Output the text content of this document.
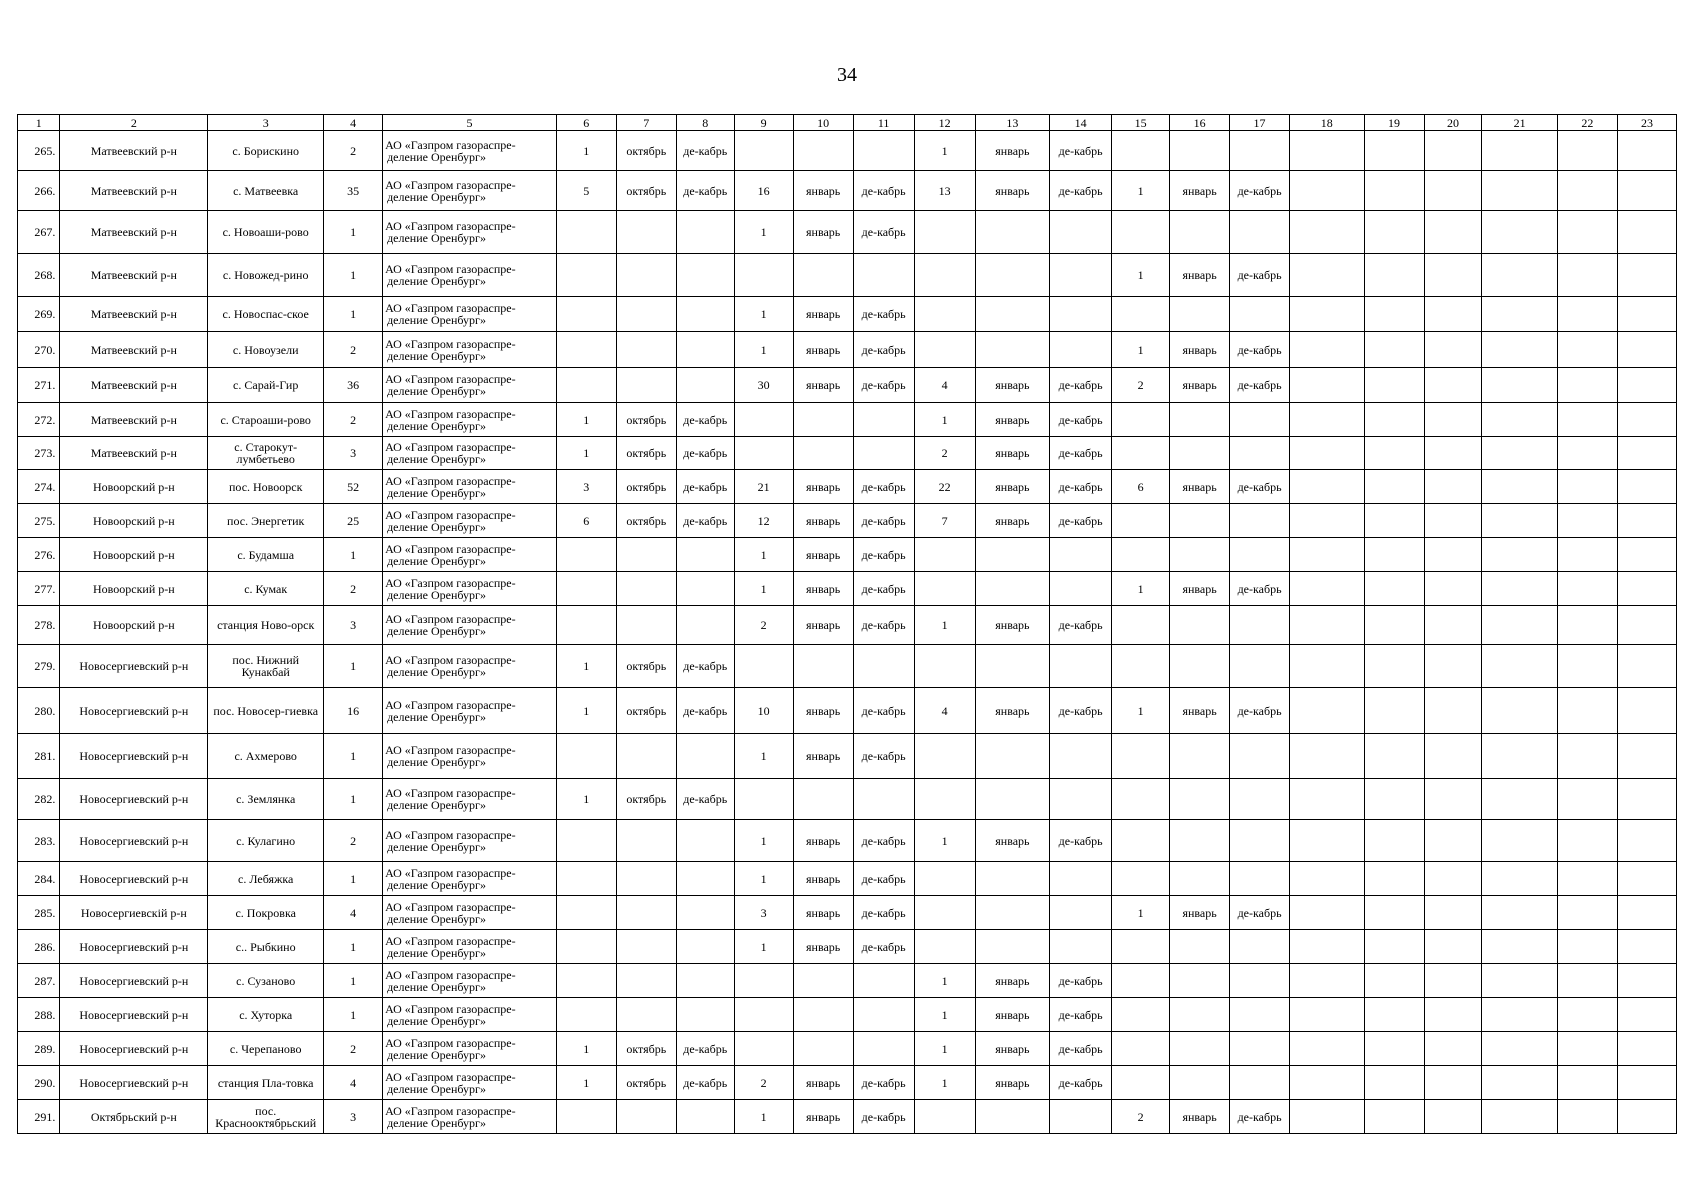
34
1	2	3	4	5	6	7	8	9	10	11	12	13	14	15	16	17	18	19	20	21	22	23
265.	Матвеевский р-н	с. Борискино	2	АО «Газпром газораспре-
деление Оренбург»	1	октябрь	де-кабрь				1	январь	де-кабрь									
266.	Матвеевский р-н	с. Матвеевка	35	АО «Газпром газораспре-
деление Оренбург»	5	октябрь	де-кабрь	16	январь	де-кабрь	13	январь	де-кабрь	1	январь	де-кабрь						
267.	Матвеевский р-н	с. Новоаши-рово	1	АО «Газпром газораспре-
деление Оренбург»				1	январь	де-кабрь												
268.	Матвеевский р-н	с. Новожед-рино	1	АО «Газпром газораспре-
деление Оренбург»										1	январь	де-кабрь						
269.	Матвеевский р-н	с. Новоспас-ское	1	АО «Газпром газораспре-
деление Оренбург»				1	январь	де-кабрь												
270.	Матвеевский р-н	с. Новоузели	2	АО «Газпром газораспре-
деление Оренбург»				1	январь	де-кабрь				1	январь	де-кабрь						
271.	Матвеевский р-н	с. Сарай-Гир	36	АО «Газпром газораспре-
деление Оренбург»				30	январь	де-кабрь	4	январь	де-кабрь	2	январь	де-кабрь						
272.	Матвеевский р-н	с. Староаши-рово	2	АО «Газпром газораспре-
деление Оренбург»	1	октябрь	де-кабрь				1	январь	де-кабрь									
273.	Матвеевский р-н	с. Старокут-лумбетьево	3	АО «Газпром газораспре-
деление Оренбург»	1	октябрь	де-кабрь				2	январь	де-кабрь									
274.	Новоорский р-н	пос. Новоорск	52	АО «Газпром газораспре-
деление Оренбург»	3	октябрь	де-кабрь	21	январь	де-кабрь	22	январь	де-кабрь	6	январь	де-кабрь						
275.	Новоорский р-н	пос. Энергетик	25	АО «Газпром газораспре-
деление Оренбург»	6	октябрь	де-кабрь	12	январь	де-кабрь	7	январь	де-кабрь									
276.	Новоорский р-н	с. Будамша	1	АО «Газпром газораспре-
деление Оренбург»				1	январь	де-кабрь												
277.	Новоорский р-н	с. Кумак	2	АО «Газпром газораспре-
деление Оренбург»				1	январь	де-кабрь				1	январь	де-кабрь						
278.	Новоорский р-н	станция Ново-орск	3	АО «Газпром газораспре-
деление Оренбург»				2	январь	де-кабрь	1	январь	де-кабрь									
279.	Новосергиевский р-н	пос. Нижний Кунакбай	1	АО «Газпром газораспре-
деление Оренбург»	1	октябрь	де-кабрь															
280.	Новосергиевский р-н	пос. Новосер-гиевка	16	АО «Газпром газораспре-
деление Оренбург»	1	октябрь	де-кабрь	10	январь	де-кабрь	4	январь	де-кабрь	1	январь	де-кабрь						
281.	Новосергиевский р-н	с. Ахмерово	1	АО «Газпром газораспре-
деление Оренбург»				1	январь	де-кабрь												
282.	Новосергиевский р-н	с. Землянка	1	АО «Газпром газораспре-
деление Оренбург»	1	октябрь	де-кабрь															
283.	Новосергиевский р-н	с. Кулагино	2	АО «Газпром газораспре-
деление Оренбург»				1	январь	де-кабрь	1	январь	де-кабрь									
284.	Новосергиевский р-н	с. Лебяжка	1	АО «Газпром газораспре-
деление Оренбург»				1	январь	де-кабрь												
285.	Новосергиевскій р-н	с. Покровка	4	АО «Газпром газораспре-
деление Оренбург»				3	январь	де-кабрь				1	январь	де-кабрь						
286.	Новосергиевский р-н	с.. Рыбкино	1	АО «Газпром газораспре-
деление Оренбург»				1	январь	де-кабрь												
287.	Новосергиевский р-н	с. Сузаново	1	АО «Газпром газораспре-
деление Оренбург»							1	январь	де-кабрь									
288.	Новосергиевский р-н	с. Хуторка	1	АО «Газпром газораспре-
деление Оренбург»							1	январь	де-кабрь									
289.	Новосергиевский р-н	с. Черепаново	2	АО «Газпром газораспре-
деление Оренбург»	1	октябрь	де-кабрь				1	январь	де-кабрь									
290.	Новосергиевский р-н	станция Пла-товка	4	АО «Газпром газораспре-
деление Оренбург»	1	октябрь	де-кабрь	2	январь	де-кабрь	1	январь	де-кабрь									
291.	Октябрьский р-н	пос. Краснооктябрьский	3	АО «Газпром газораспре-
деление Оренбург»				1	январь	де-кабрь				2	январь	де-кабрь						
